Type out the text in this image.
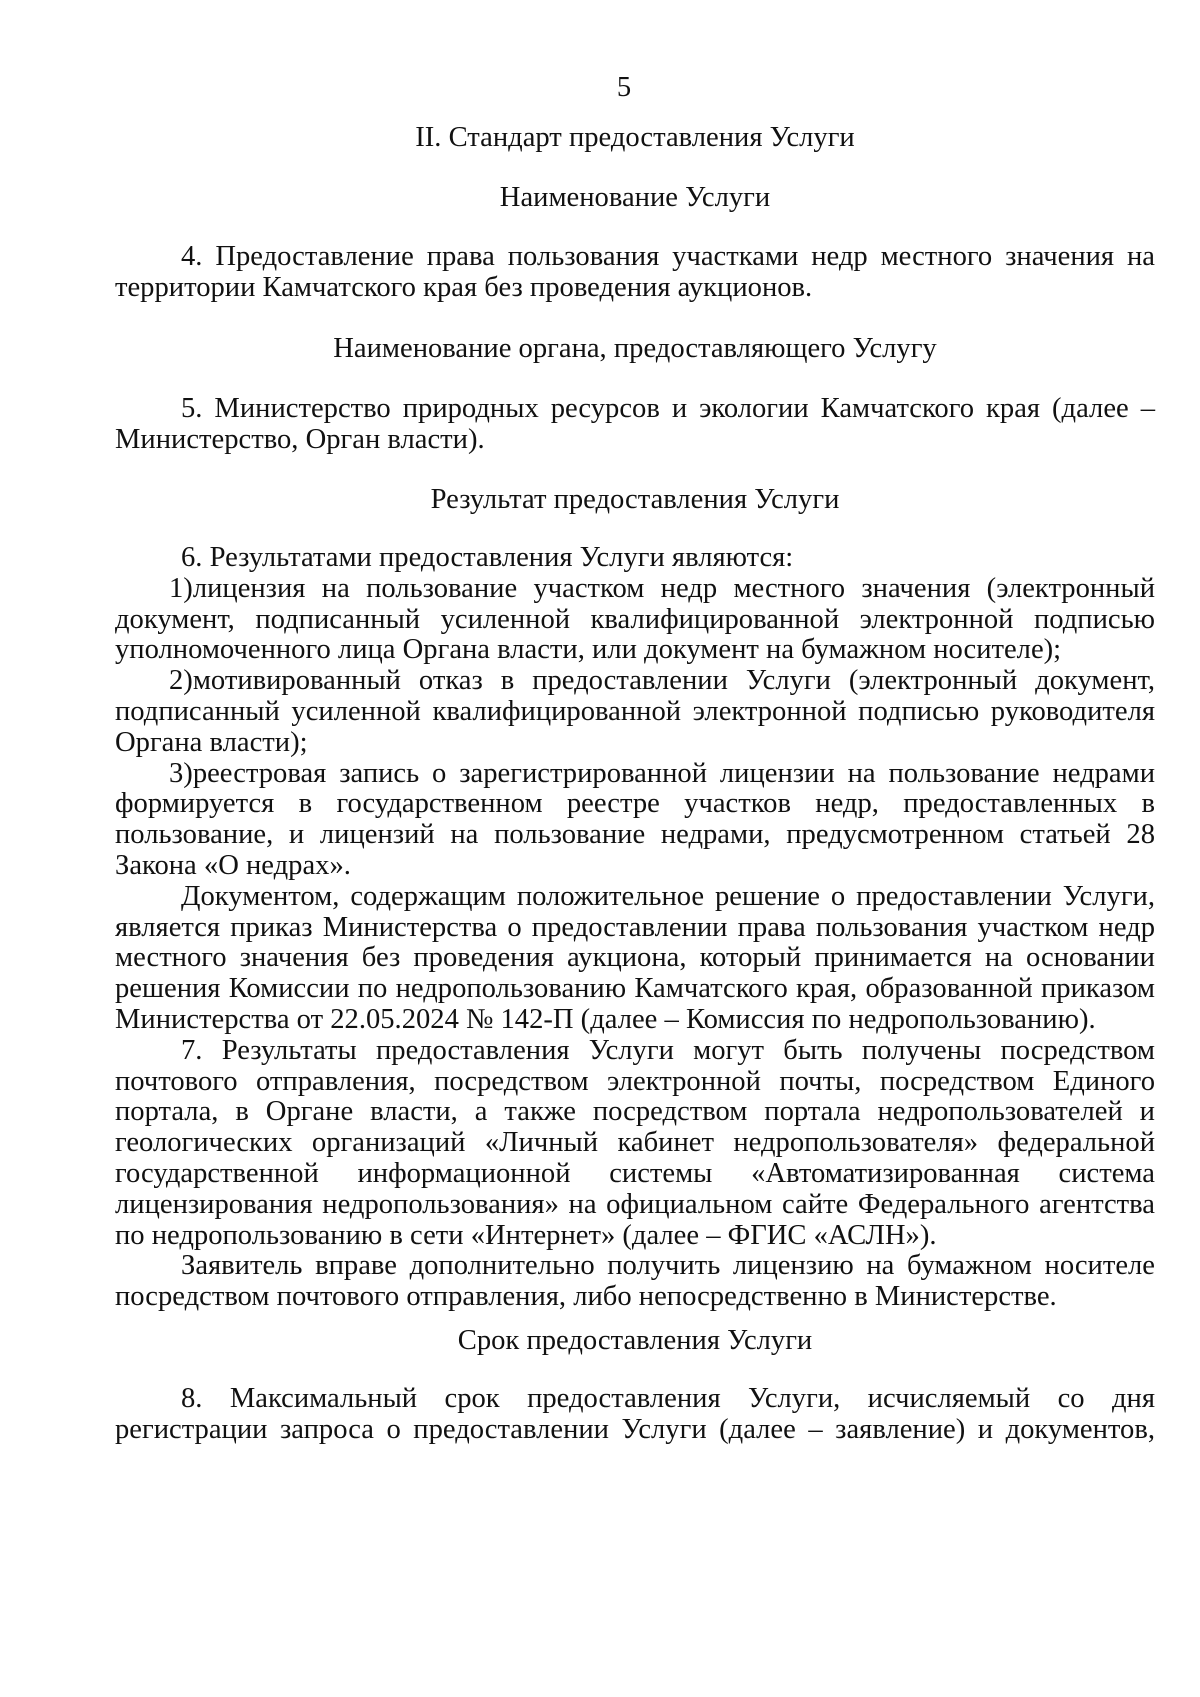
5
II. Стандарт предоставления Услуги
Наименование Услуги

4. Предоставление права пользования участками недр местного значения на территории Камчатского края без проведения аукционов.

Наименование органа, предоставляющего Услугу

5. Министерство природных ресурсов и экологии Камчатского края (далее – Министерство, Орган власти).

Результат предоставления Услуги

6. Результатами предоставления Услуги являются:

1)лицензия на пользование участком недр местного значения (электронный документ, подписанный усиленной квалифицированной электронной подписью уполномоченного лица Органа власти, или документ на бумажном носителе);

2)мотивированный отказ в предоставлении Услуги (электронный документ, подписанный усиленной квалифицированной электронной подписью руководителя Органа власти);

3)реестровая запись о зарегистрированной лицензии на пользование недрами формируется в государственном реестре участков недр, предоставленных в пользование, и лицензий на пользование недрами, предусмотренном статьей 28 Закона «О недрах».

Документом, содержащим положительное решение о предоставлении Услуги, является приказ Министерства о предоставлении права пользования участком недр местного значения без проведения аукциона, который принимается на основании решения Комиссии по недропользованию Камчатского края, образованной приказом Министерства от 22.05.2024 № 142-П (далее – Комиссия по недропользованию).

7. Результаты предоставления Услуги могут быть получены посредством почтового отправления, посредством электронной почты, посредством Единого портала, в Органе власти, а также посредством портала недропользователей и геологических организаций «Личный кабинет недропользователя» федеральной государственной информационной системы «Автоматизированная система лицензирования недропользования» на официальном сайте Федерального агентства по недропользованию в сети «Интернет» (далее – ФГИС «АСЛН»).

Заявитель вправе дополнительно получить лицензию на бумажном носителе посредством почтового отправления, либо непосредственно в Министерстве.

Срок предоставления Услуги

8. Максимальный срок предоставления Услуги, исчисляемый со дня регистрации запроса о предоставлении Услуги (далее – заявление) и документов,
